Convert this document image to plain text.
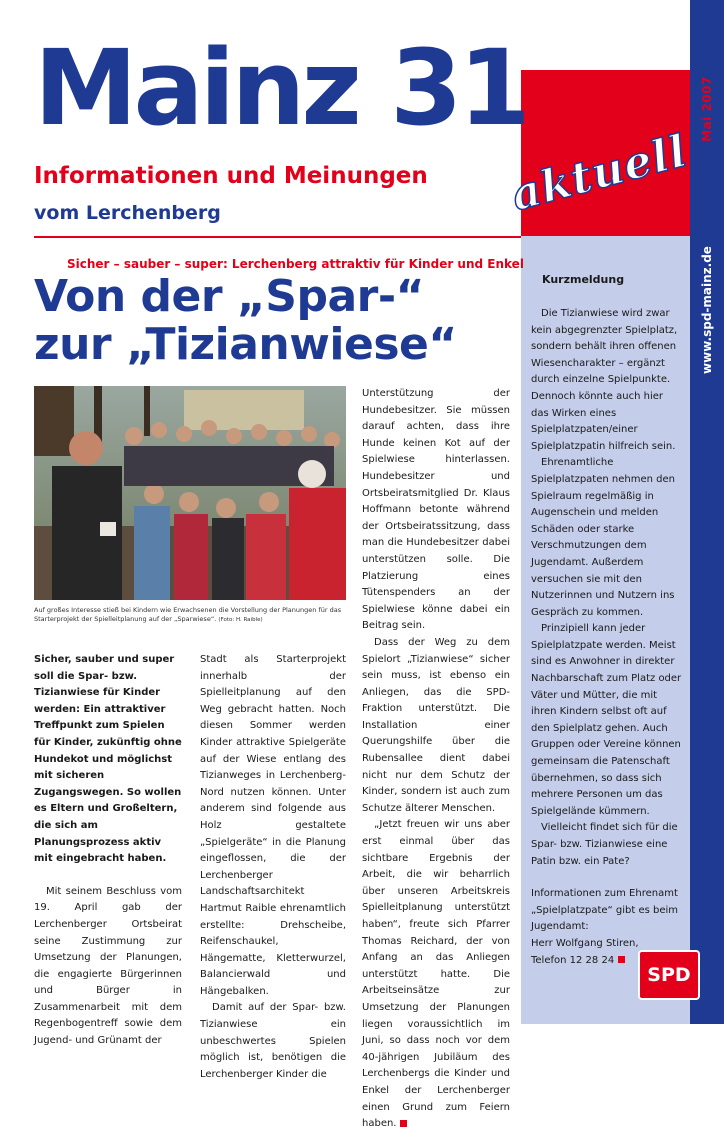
Mai 2007
www.spd-mainz.de
Mainz 31
Informationen und Meinungen
vom Lerchenberg	aktuell
Sicher – sauber – super: Lerchenberg attraktiv für Kinder und Enkel
Von der „Spar-“
zur „Tizianwiese“
Auf großes Interesse stieß bei Kindern wie Erwachsenen die Vorstellung der Planungen für das Starterprojekt der Spielleitplanung auf der „Sparwiese“. (Foto: H. Raible)

Sicher, sauber und super soll die Spar- bzw. Tizianwiese für Kinder werden: Ein attraktiver Treffpunkt zum Spielen für Kinder, zukünftig ohne Hundekot und möglichst mit sicheren Zugangswegen. So wollen es Eltern und Großeltern, die sich am Planungsprozess aktiv mit eingebracht haben.

Mit seinem Beschluss vom 19. April gab der Lerchenberger Ortsbeirat seine Zustimmung zur Umsetzung der Planungen, die engagierte Bürgerinnen und Bürger in Zusammenarbeit mit dem Regenbogentreff sowie dem Jugend- und Grünamt der

Stadt als Starterprojekt innerhalb der Spielleitplanung auf den Weg gebracht hatten. Noch diesen Sommer werden Kinder attraktive Spielgeräte auf der Wiese entlang des Tizianweges in Lerchenberg-Nord nutzen können. Unter anderem sind folgende aus Holz gestaltete „Spielgeräte“ in die Planung eingeflossen, die der Lerchenberger Landschaftsarchitekt Hartmut Raible ehrenamtlich erstellte: Drehscheibe, Reifenschaukel, Hängematte, Kletterwurzel, Balancierwald und Hängebalken.

Damit auf der Spar- bzw. Tizianwiese ein unbeschwertes Spielen möglich ist, benötigen die Lerchenberger Kinder die

Unterstützung der Hundebesitzer. Sie müssen darauf achten, dass ihre Hunde keinen Kot auf der Spielwiese hinterlassen. Hundebesitzer und Ortsbeiratsmitglied Dr. Klaus Hoffmann betonte während der Ortsbeiratssitzung, dass man die Hundebesitzer dabei unterstützen solle. Die Platzierung eines Tütenspenders an der Spielwiese könne dabei ein Beitrag sein.

Dass der Weg zu dem Spielort „Tizianwiese“ sicher sein muss, ist ebenso ein Anliegen, das die SPD-Fraktion unterstützt. Die Installation einer Querungshilfe über die Rubensallee dient dabei nicht nur dem Schutz der Kinder, sondern ist auch zum Schutze älterer Menschen.

„Jetzt freuen wir uns aber erst einmal über das sichtbare Ergebnis der Arbeit, die wir beharrlich über unseren Arbeitskreis Spielleitplanung unterstützt haben“, freute sich Pfarrer Thomas Reichard, der von Anfang an das Anliegen unterstützt hatte. Die Arbeitseinsätze zur Umsetzung der Planungen liegen voraussichtlich im Juni, so dass noch vor dem 40-jährigen Jubiläum des Lerchenbergs die Kinder und Enkel der Lerchenberger einen Grund zum Feiern haben.

Kurzmeldung

Die Tizianwiese wird zwar kein abgegrenzter Spielplatz, sondern behält ihren offenen Wiesencharakter – ergänzt durch einzelne Spielpunkte. Dennoch könnte auch hier das Wirken eines Spielplatzpaten/einer Spielplatzpatin hilfreich sein.

Ehrenamtliche Spielplatzpaten nehmen den Spielraum regelmäßig in Augenschein und melden Schäden oder starke Verschmutzungen dem Jugendamt. Außerdem versuchen sie mit den Nutzerinnen und Nutzern ins Gespräch zu kommen.

Prinzipiell kann jeder Spielplatzpate werden. Meist sind es Anwohner in direkter Nachbarschaft zum Platz oder Väter und Mütter, die mit ihren Kindern selbst oft auf den Spielplatz gehen. Auch Gruppen oder Vereine können gemeinsam die Patenschaft übernehmen, so dass sich mehrere Personen um das Spielgelände kümmern.

Vielleicht findet sich für die Spar- bzw. Tizianwiese eine Patin bzw. ein Pate?

Informationen zum Ehrenamt „Spielplatzpate“ gibt es beim Jugendamt:

Herr Wolfgang Stiren,

Telefon 12 28 24

SPD
